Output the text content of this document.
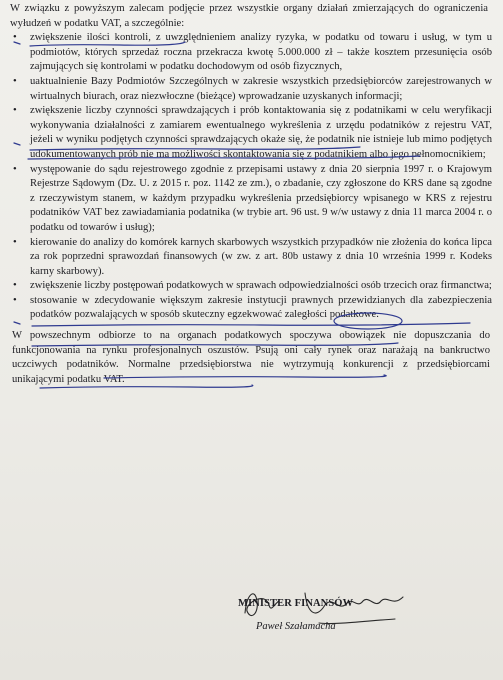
W związku z powyższym zalecam podjęcie przez wszystkie organy działań zmierzających do ograniczenia wyłudzeń w podatku VAT, a szczególnie:

• zwiększenie ilości kontroli, z uwzględnieniem analizy ryzyka, w podatku od towaru i usług, w tym u podmiotów, których sprzedaż roczna przekracza kwotę 5.000.000 zł – także kosztem przesunięcia osób zajmujących się kontrolami w podatku dochodowym od osób fizycznych,
• uaktualnienie Bazy Podmiotów Szczególnych w zakresie wszystkich przedsiębiorców zarejestrowanych w wirtualnych biurach, oraz niezwłoczne (bieżące) wprowadzanie uzyskanych informacji;
• zwiększenie liczby czynności sprawdzających i prób kontaktowania się z podatnikami w celu weryfikacji wykonywania działalności z zamiarem ewentualnego wykreślenia z urzędu podatników z rejestru VAT, jeżeli w wyniku podjętych czynności sprawdzających okaże się, że podatnik nie istnieje lub mimo podjętych udokumentowanych prób nie ma możliwości skontaktowania się z podatnikiem albo jego pełnomocnikiem;
• występowanie do sądu rejestrowego zgodnie z przepisami ustawy z dnia 20 sierpnia 1997 r. o Krajowym Rejestrze Sądowym (Dz. U. z 2015 r. poz. 1142 ze zm.), o zbadanie, czy zgłoszone do KRS dane są zgodne z rzeczywistym stanem, w każdym przypadku wykreślenia przedsiębiorcy wpisanego w KRS z rejestru podatników VAT bez zawiadamiania podatnika (w trybie art. 96 ust. 9 w/w ustawy z dnia 11 marca 2004 r. o podatku od towarów i usług);
• kierowanie do analizy do komórek karnych skarbowych wszystkich przypadków nie złożenia do końca lipca za rok poprzedni sprawozdań finansowych (w zw. z art. 80b ustawy z dnia 10 września 1999 r. Kodeks karny skarbowy).
• zwiększenie liczby postępowań podatkowych w sprawach odpowiedzialności osób trzecich oraz firmanctwa;
• stosowanie w zdecydowanie większym zakresie instytucji prawnych przewidzianych dla zabezpieczenia podatków pozwalających w sposób skuteczny egzekwować zaległości podatkowe.

W powszechnym odbiorze to na organach podatkowych spoczywa obowiązek nie dopuszczania do funkcjonowania na rynku profesjonalnych oszustów. Psują oni cały rynek oraz narażają na bankructwo uczciwych podatników. Normalne przedsiębiorstwa nie wytrzymują konkurencji z przedsiębiorcami unikającymi podatku VAT.

MINISTER FINANSÓW
Paweł Szałamacha
